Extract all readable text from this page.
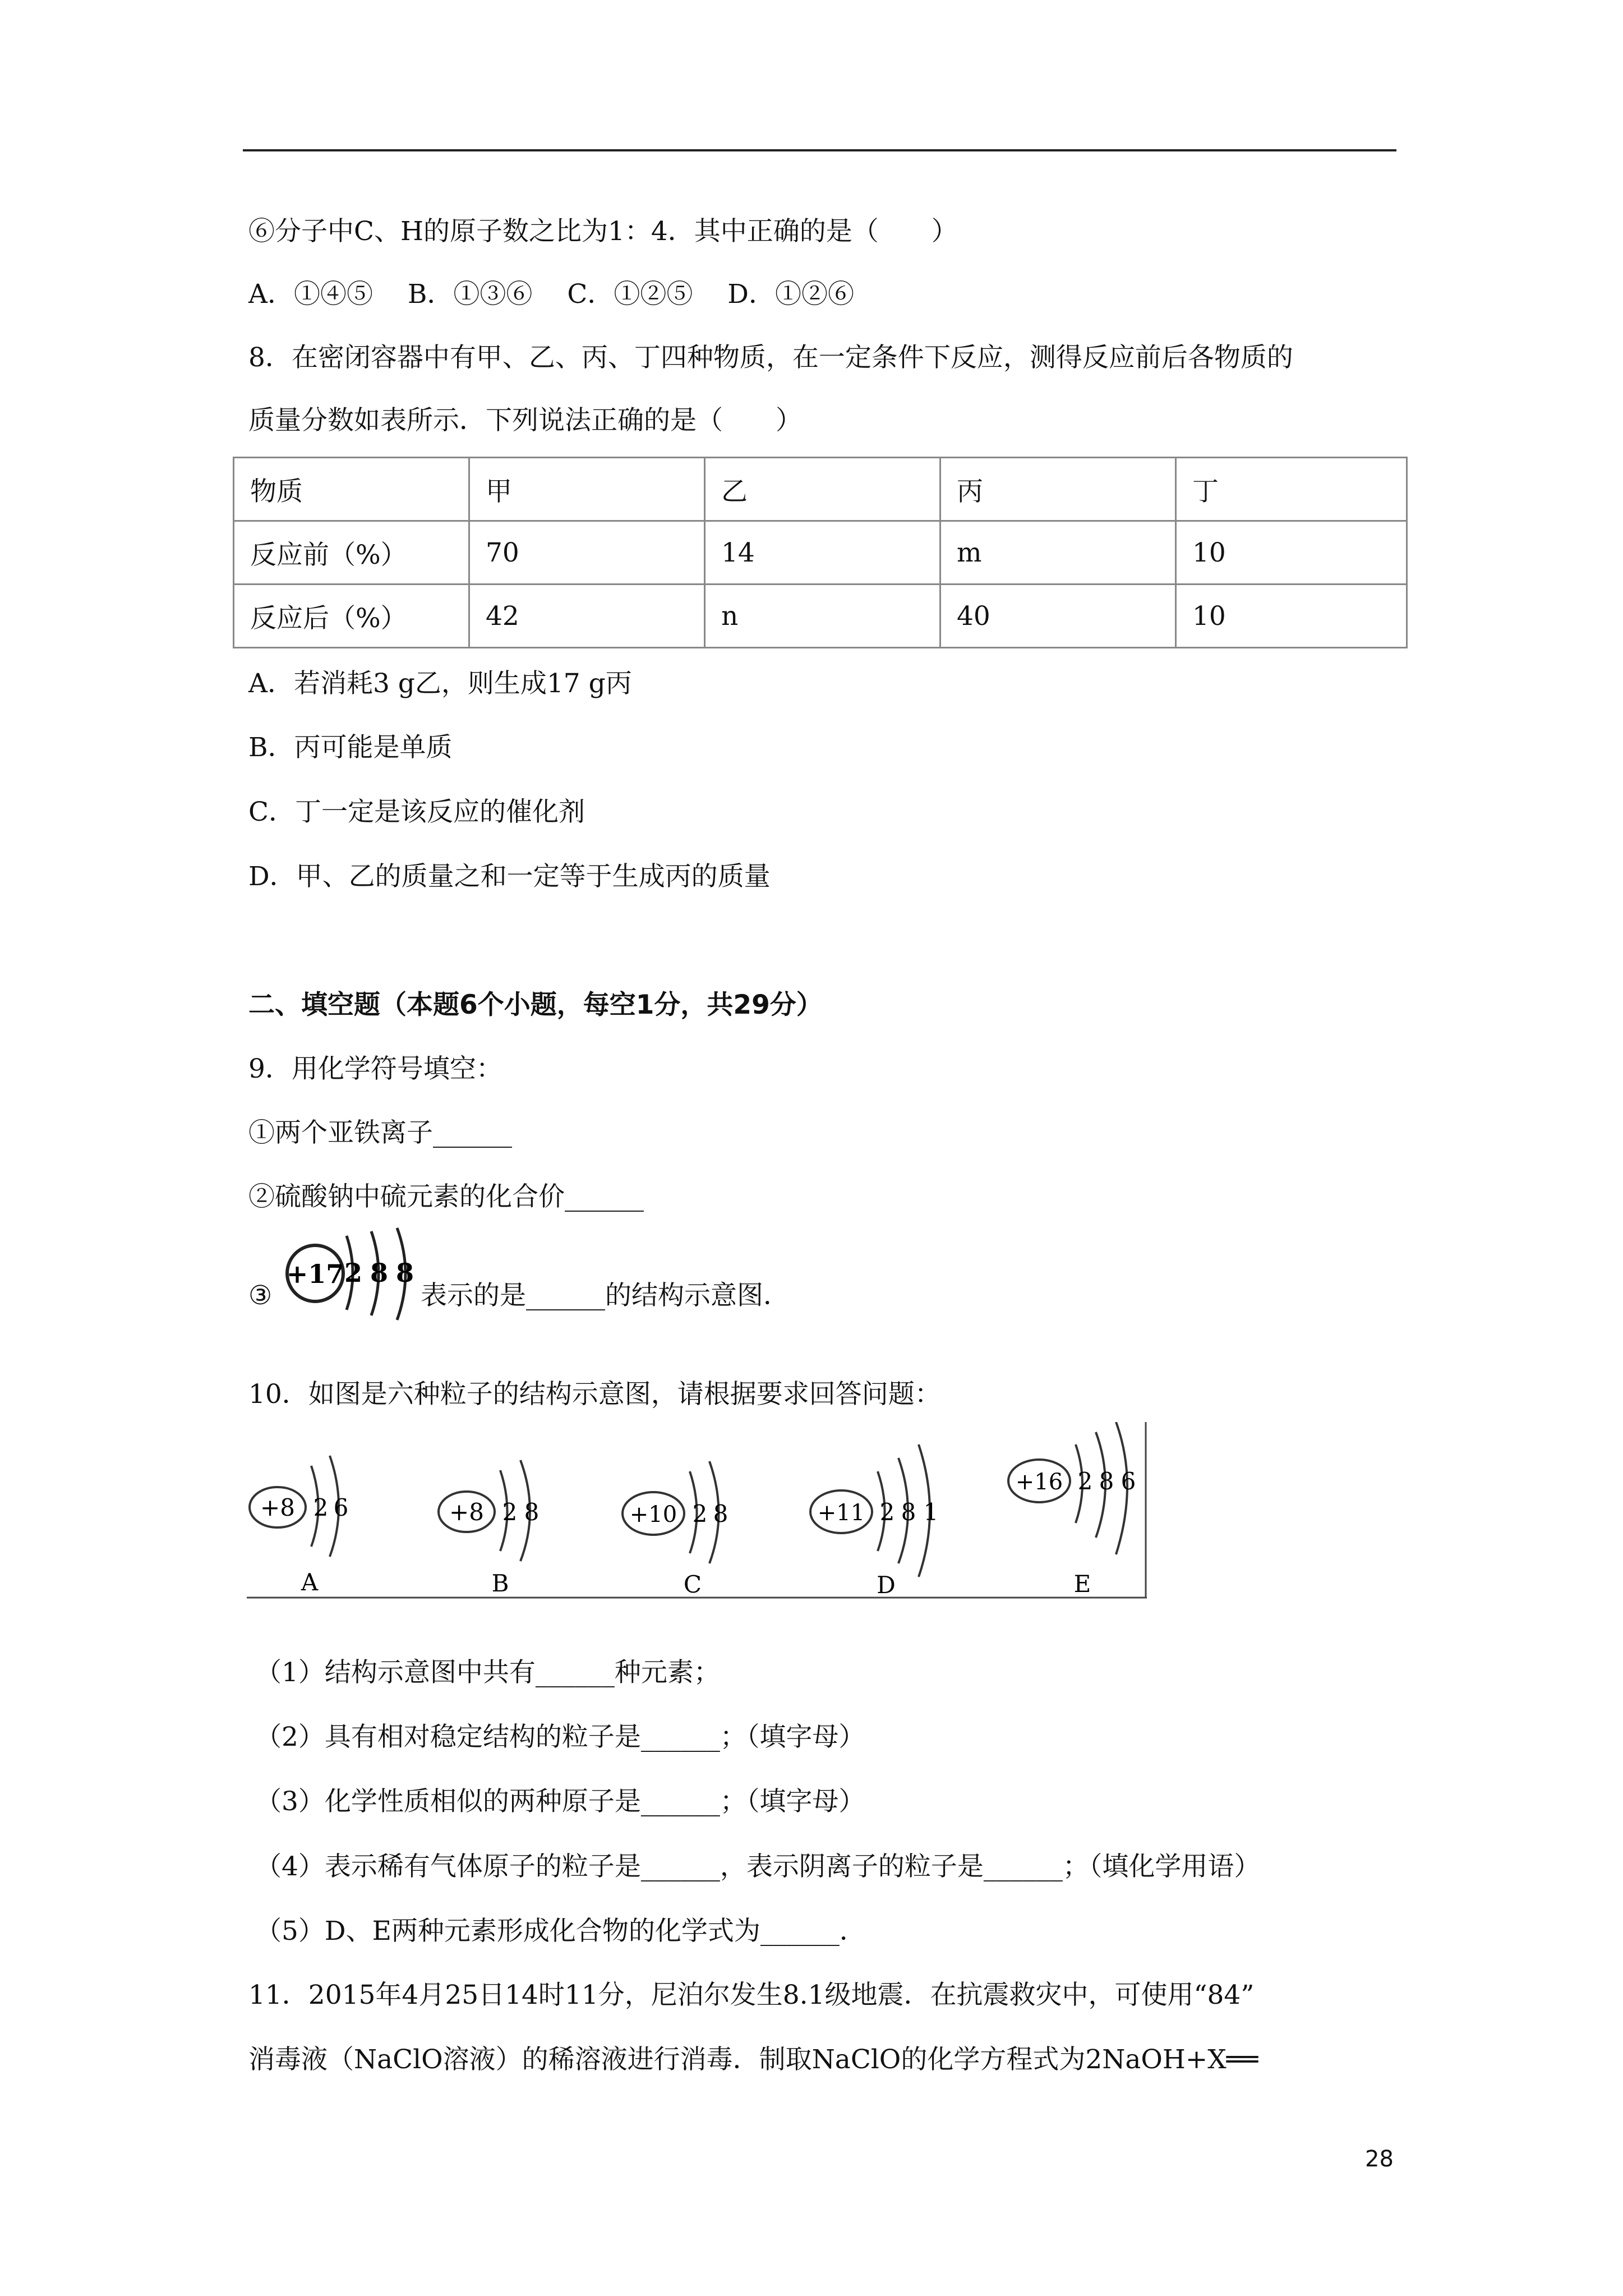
⑥分子中C、H的原子数之比为1：4．其中正确的是（　　）
A．①④⑤　 B．①③⑥　 C．①②⑤　 D．①②⑥
8．在密闭容器中有甲、乙、丙、丁四种物质，在一定条件下反应，测得反应前后各物质的
质量分数如表所示．下列说法正确的是（　　）
物质	甲	乙	丙	丁
反应前（%）	70	14	m	10
反应后（%）	42	n	40	10
A．若消耗3 g乙，则生成17 g丙
B．丙可能是单质
C．丁一定是该反应的催化剂
D．甲、乙的质量之和一定等于生成丙的质量
二、填空题（本题6个小题，每空1分，共29分）
9．用化学符号填空：
①两个亚铁离子______
②硫酸钠中硫元素的化合价______
③
+17 2 8 8
表示的是______的结构示意图．
10．如图是六种粒子的结构示意图，请根据要求回答问题：
+8 2 6
A
+8 2 8
B
+10 2 8
C
+11 2 8 1
D
+16 2 8 6
E
（1）结构示意图中共有______种元素；
（2）具有相对稳定结构的粒子是______；（填字母）
（3）化学性质相似的两种原子是______；（填字母）
（4）表示稀有气体原子的粒子是______，表示阴离子的粒子是______；（填化学用语）
（5）D、E两种元素形成化合物的化学式为______．
11．2015年4月25日14时11分，尼泊尔发生8.1级地震．在抗震救灾中，可使用“84”
消毒液（NaClO溶液）的稀溶液进行消毒．制取NaClO的化学方程式为2NaOH+X══
28
